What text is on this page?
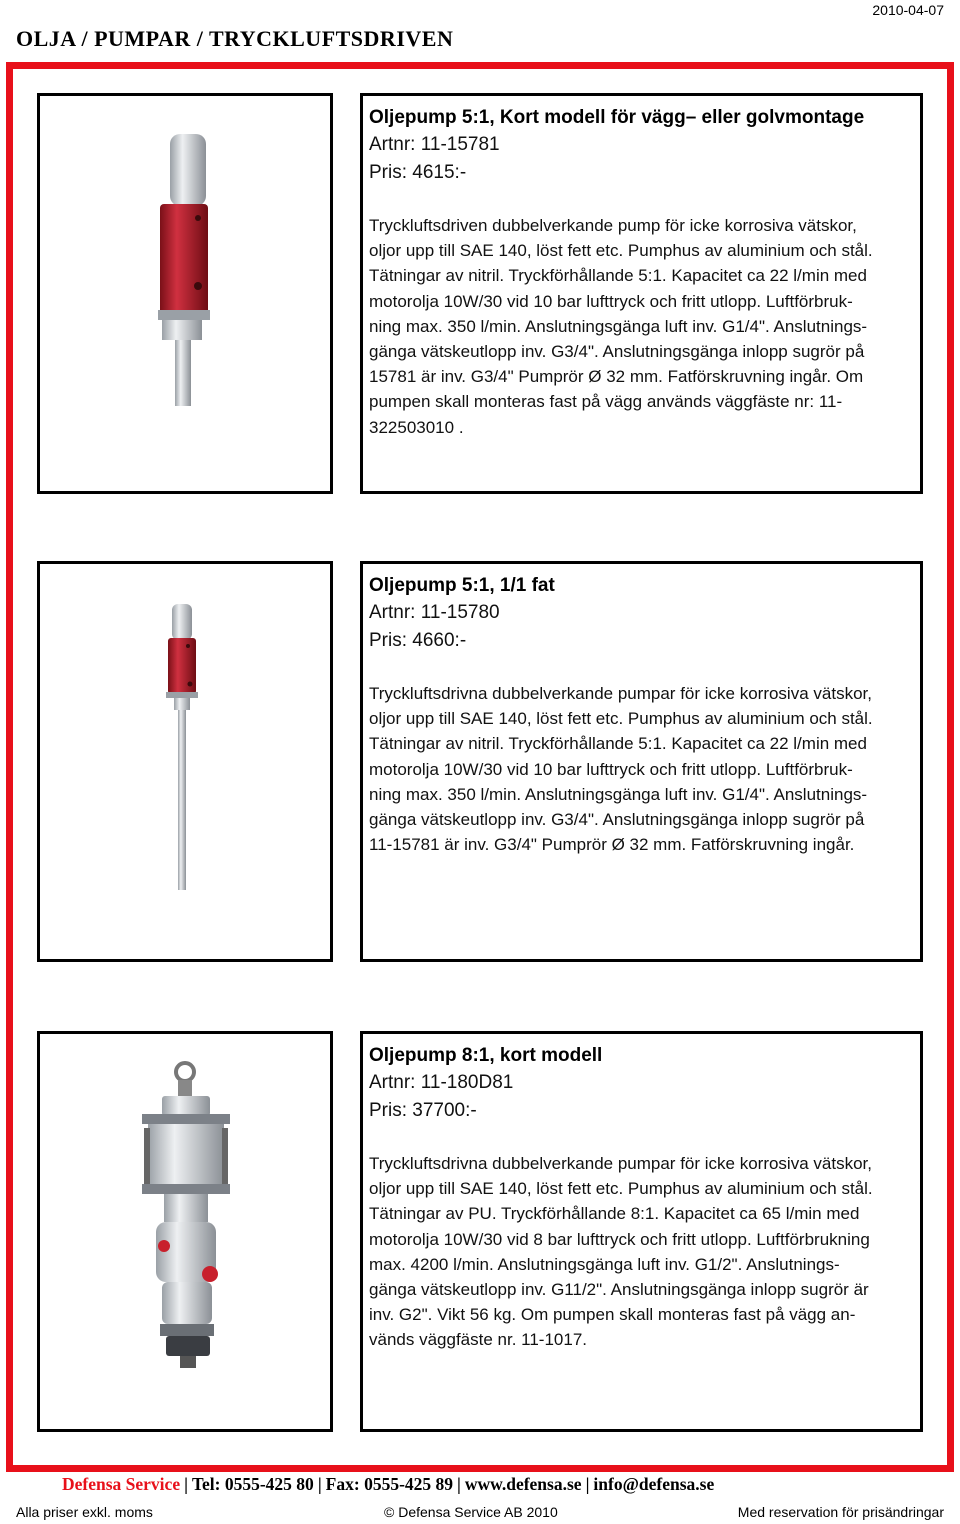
OLJA / PUMPAR / TRYCKLUFTSDRIVEN
2010-04-07
Oljepump 5:1, Kort modell för vägg– eller golvmontage
Artnr: 11-15781
Pris: 4615:-
Tryckluftsdriven dubbelverkande pump för icke korrosiva vätskor,
oljor upp till SAE 140, löst fett etc. Pumphus av aluminium och stål.
Tätningar av nitril. Tryckförhållande 5:1. Kapacitet ca 22 l/min med
motorolja 10W/30 vid 10 bar lufttryck och fritt utlopp. Luftförbruk-
ning max. 350 l/min. Anslutningsgänga luft inv. G1/4". Anslutnings-
gänga vätskeutlopp inv. G3/4". Anslutningsgänga inlopp sugrör på
15781 är inv. G3/4" Pumprör Ø 32 mm. Fatförskruvning ingår. Om
pumpen skall monteras fast på vägg används väggfäste nr: 11-
322503010 .
Oljepump 5:1, 1/1 fat
Artnr: 11-15780
Pris: 4660:-
Tryckluftsdrivna dubbelverkande pumpar för icke korrosiva vätskor,
oljor upp till SAE 140, löst fett etc. Pumphus av aluminium och stål.
Tätningar av nitril. Tryckförhållande 5:1. Kapacitet ca 22 l/min med
motorolja 10W/30 vid 10 bar lufttryck och fritt utlopp. Luftförbruk-
ning max. 350 l/min. Anslutningsgänga luft inv. G1/4". Anslutnings-
gänga vätskeutlopp inv. G3/4". Anslutningsgänga inlopp sugrör på
11-15781 är inv. G3/4" Pumprör Ø 32 mm. Fatförskruvning ingår.
Oljepump 8:1, kort modell
Artnr: 11-180D81
Pris: 37700:-
Tryckluftsdrivna dubbelverkande pumpar för icke korrosiva vätskor,
oljor upp till SAE 140, löst fett etc. Pumphus av aluminium och stål.
Tätningar av PU. Tryckförhållande 8:1. Kapacitet ca 65 l/min med
motorolja 10W/30 vid 8 bar lufttryck och fritt utlopp. Luftförbrukning
max. 4200 l/min. Anslutningsgänga luft inv. G1/2". Anslutnings-
gänga vätskeutlopp inv. G11/2". Anslutningsgänga inlopp sugrör är
inv. G2". Vikt 56 kg. Om pumpen skall monteras fast på vägg an-
vänds väggfäste nr. 11-1017.
Defensa Service | Tel: 0555-425 80 | Fax: 0555-425 89 | www.defensa.se | info@defensa.se
Alla priser exkl. moms	© Defensa Service AB 2010	Med reservation för prisändringar
